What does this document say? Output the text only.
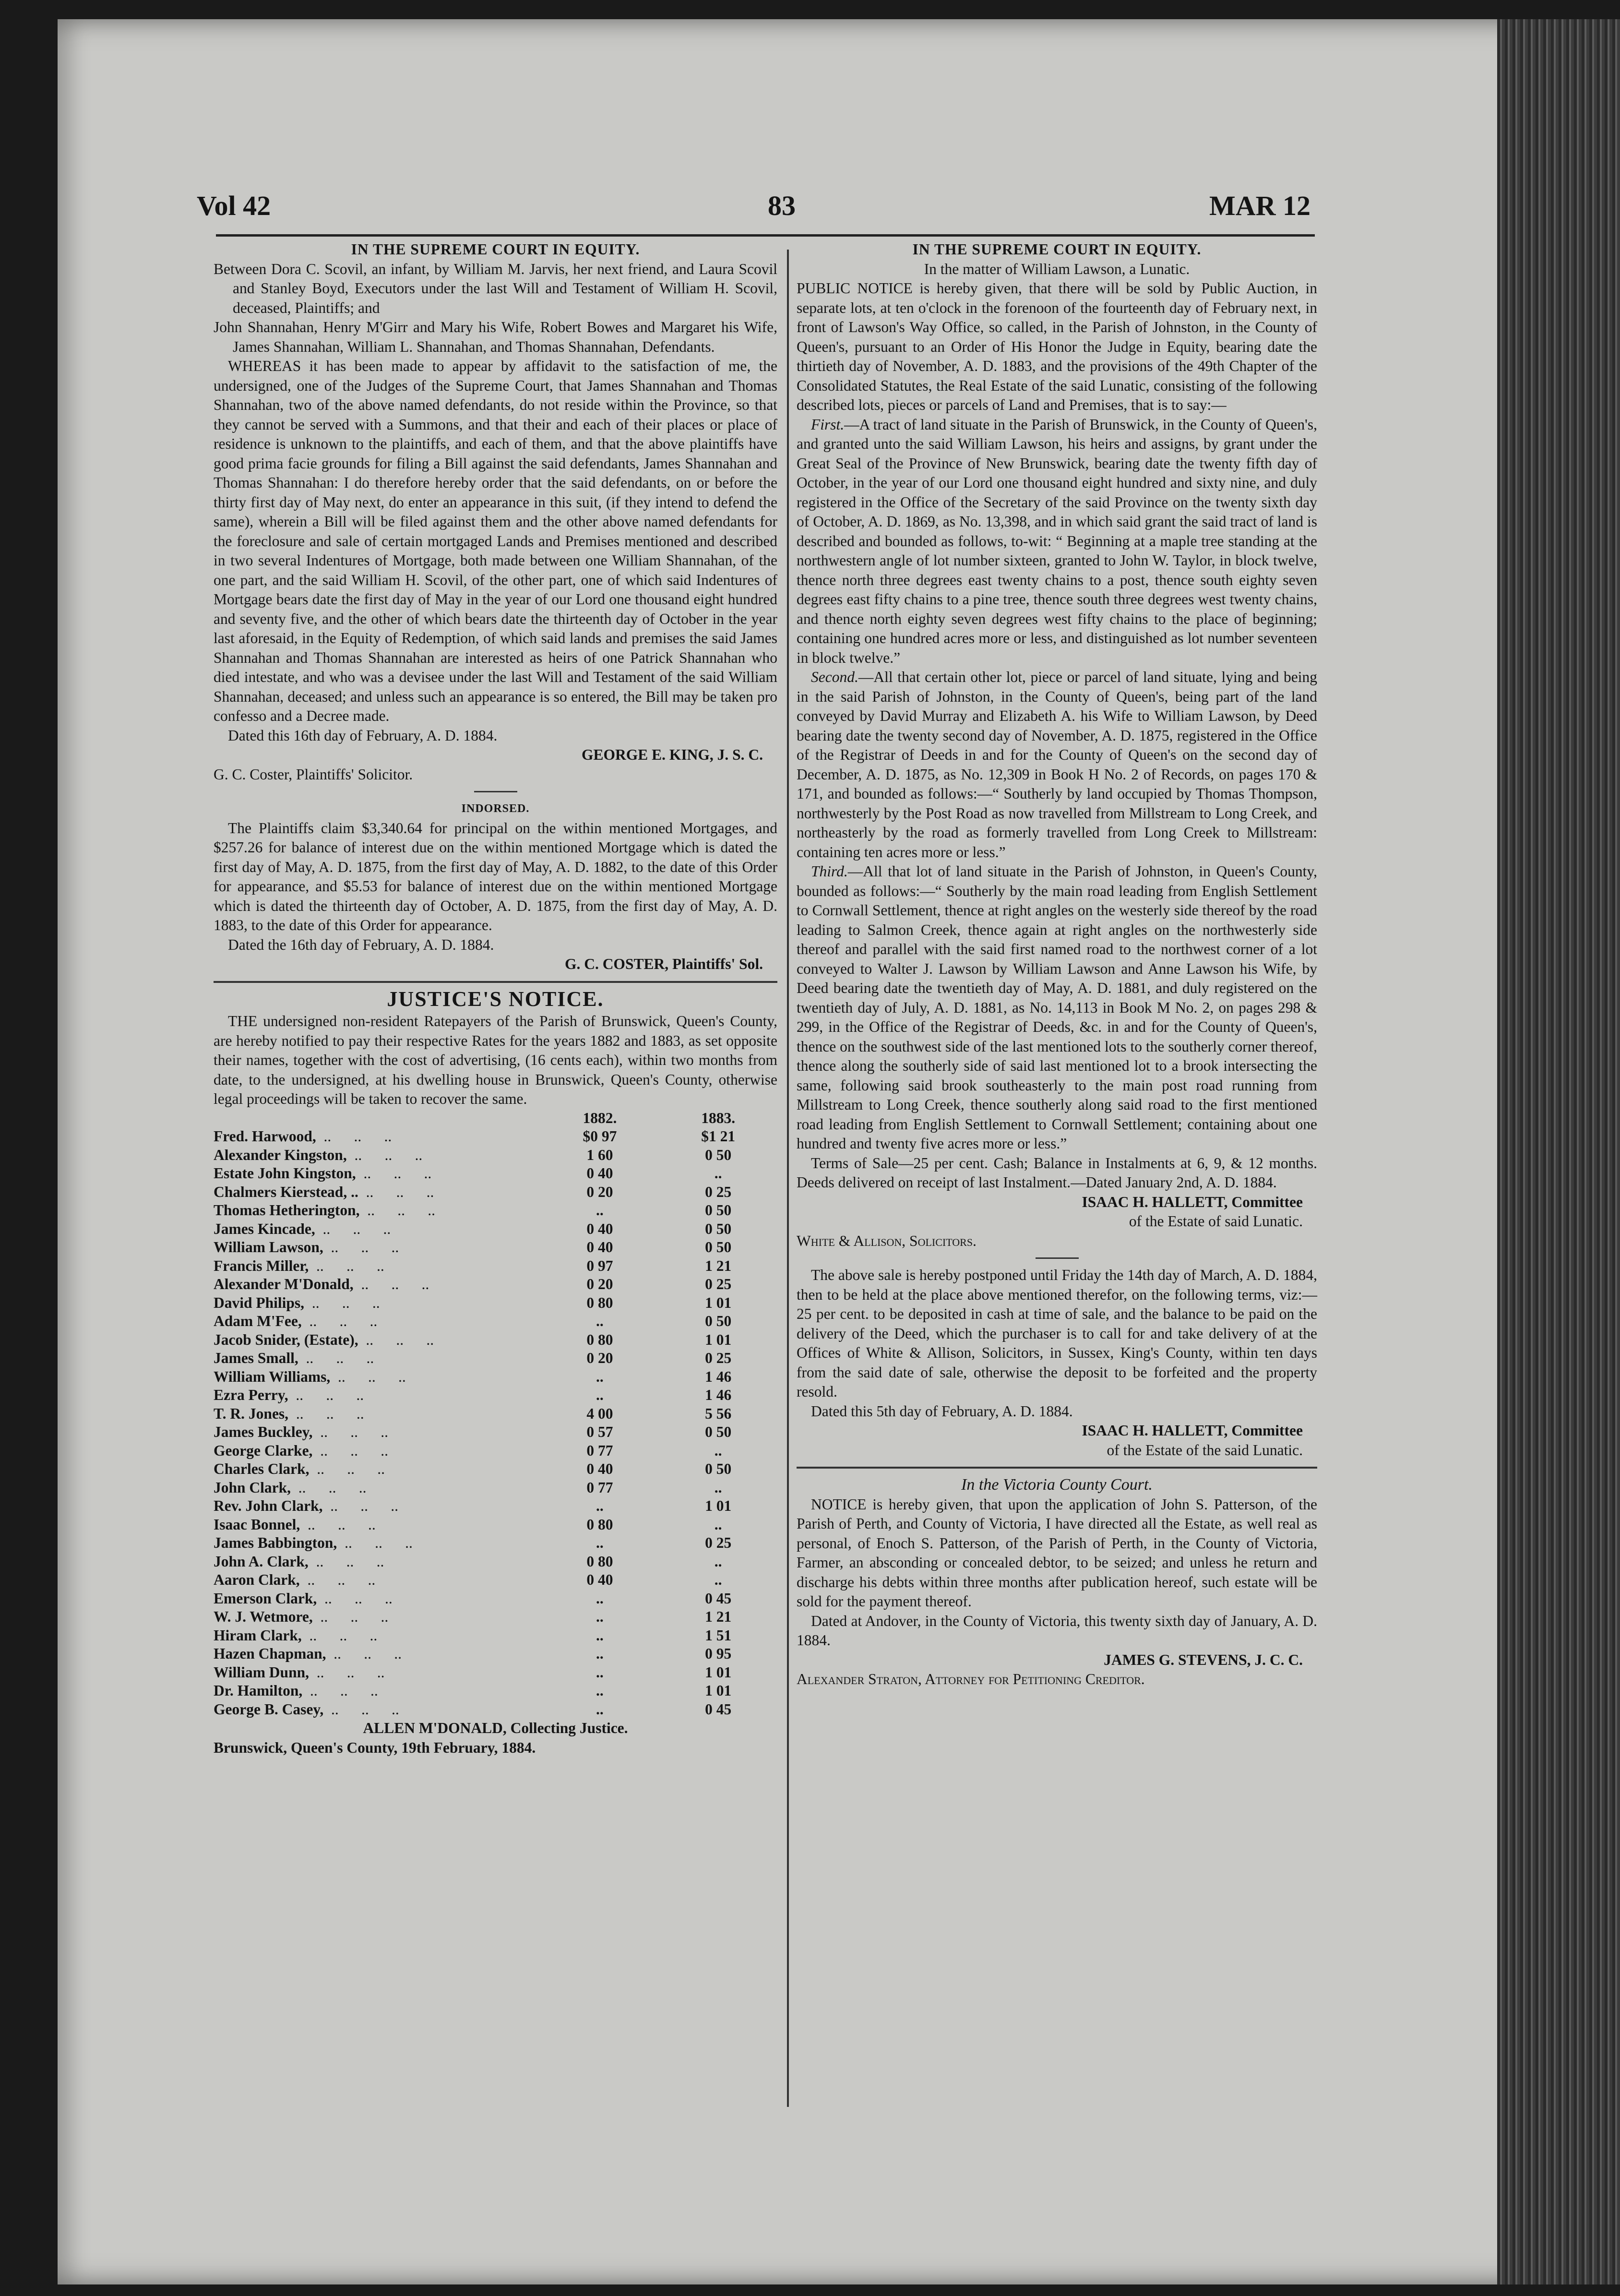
Vol 42	83	MAR 12
IN THE SUPREME COURT IN EQUITY.

Between Dora C. Scovil, an infant, by William M. Jarvis, her next friend, and Laura Scovil and Stanley Boyd, Executors under the last Will and Testament of William H. Scovil, deceased, Plaintiffs; and

John Shannahan, Henry M'Girr and Mary his Wife, Robert Bowes and Margaret his Wife, James Shannahan, William L. Shannahan, and Thomas Shannahan, Defendants.

WHEREAS it has been made to appear by affidavit to the satisfaction of me, the undersigned, one of the Judges of the Supreme Court, that James Shannahan and Thomas Shannahan, two of the above named defendants, do not reside within the Province, so that they cannot be served with a Summons, and that their and each of their places or place of residence is unknown to the plaintiffs, and each of them, and that the above plaintiffs have good prima facie grounds for filing a Bill against the said defendants, James Shannahan and Thomas Shannahan: I do therefore hereby order that the said defendants, on or before the thirty first day of May next, do enter an appearance in this suit, (if they intend to defend the same), wherein a Bill will be filed against them and the other above named defendants for the foreclosure and sale of certain mortgaged Lands and Premises mentioned and described in two several Indentures of Mortgage, both made between one William Shannahan, of the one part, and the said William H. Scovil, of the other part, one of which said Indentures of Mortgage bears date the first day of May in the year of our Lord one thousand eight hundred and seventy five, and the other of which bears date the thirteenth day of October in the year last aforesaid, in the Equity of Redemption, of which said lands and premises the said James Shannahan and Thomas Shannahan are interested as heirs of one Patrick Shannahan who died intestate, and who was a devisee under the last Will and Testament of the said William Shannahan, deceased; and unless such an appearance is so entered, the Bill may be taken pro confesso and a Decree made.

Dated this 16th day of February, A. D. 1884.

GEORGE E. KING, J. S. C.

G. C. Coster, Plaintiffs' Solicitor.

INDORSED.

The Plaintiffs claim $3,340.64 for principal on the within mentioned Mortgages, and $257.26 for balance of interest due on the within mentioned Mortgage which is dated the first day of May, A. D. 1875, from the first day of May, A. D. 1882, to the date of this Order for appearance, and $5.53 for balance of interest due on the within mentioned Mortgage which is dated the thirteenth day of October, A. D. 1875, from the first day of May, A. D. 1883, to the date of this Order for appearance.

Dated the 16th day of February, A. D. 1884.

G. C. COSTER, Plaintiffs' Sol.
JUSTICE'S NOTICE.

THE undersigned non-resident Ratepayers of the Parish of Brunswick, Queen's County, are hereby notified to pay their respective Rates for the years 1882 and 1883, as set opposite their names, together with the cost of advertising, (16 cents each), within two months from date, to the undersigned, at his dwelling house in Brunswick, Queen's County, otherwise legal proceedings will be taken to recover the same.

	1882.	1883.
Fred. Harwood, ..	$0 97	$1 21
Alexander Kingston, ..	1 60	0 50
Estate John Kingston, ..	0 40	..
Chalmers Kierstead, .. ..	0 20	0 25
Thomas Hetherington, ..	..	0 50
James Kincade, ..	0 40	0 50
William Lawson, ..	0 40	0 50
Francis Miller, ..	0 97	1 21
Alexander M'Donald, ..	0 20	0 25
David Philips, ..	0 80	1 01
Adam M'Fee, ..	..	0 50
Jacob Snider, (Estate), ..	0 80	1 01
James Small, ..	0 20	0 25
William Williams, ..	..	1 46
Ezra Perry, ..	..	1 46
T. R. Jones, ..	4 00	5 56
James Buckley, ..	0 57	0 50
George Clarke, ..	0 77	..
Charles Clark, ..	0 40	0 50
John Clark, ..	0 77	..
Rev. John Clark, ..	..	1 01
Isaac Bonnel, ..	0 80	..
James Babbington, ..	..	0 25
John A. Clark, ..	0 80	..
Aaron Clark, ..	0 40	..
Emerson Clark, ..	..	0 45
W. J. Wetmore, ..	..	1 21
Hiram Clark, ..	..	1 51
Hazen Chapman, ..	..	0 95
William Dunn, ..	..	1 01
Dr. Hamilton, ..	..	1 01
George B. Casey, ..	..	0 45
ALLEN M'DONALD, Collecting Justice.

Brunswick, Queen's County, 19th February, 1884.

IN THE SUPREME COURT IN EQUITY.
In the matter of William Lawson, a Lunatic.

PUBLIC NOTICE is hereby given, that there will be sold by Public Auction, in separate lots, at ten o'clock in the forenoon of the fourteenth day of February next, in front of Lawson's Way Office, so called, in the Parish of Johnston, in the County of Queen's, pursuant to an Order of His Honor the Judge in Equity, bearing date the thirtieth day of November, A. D. 1883, and the provisions of the 49th Chapter of the Consolidated Statutes, the Real Estate of the said Lunatic, consisting of the following described lots, pieces or parcels of Land and Premises, that is to say:—

First.—A tract of land situate in the Parish of Brunswick, in the County of Queen's, and granted unto the said William Lawson, his heirs and assigns, by grant under the Great Seal of the Province of New Brunswick, bearing date the twenty fifth day of October, in the year of our Lord one thousand eight hundred and sixty nine, and duly registered in the Office of the Secretary of the said Province on the twenty sixth day of October, A. D. 1869, as No. 13,398, and in which said grant the said tract of land is described and bounded as follows, to-wit: “ Beginning at a maple tree standing at the northwestern angle of lot number sixteen, granted to John W. Taylor, in block twelve, thence north three degrees east twenty chains to a post, thence south eighty seven degrees east fifty chains to a pine tree, thence south three degrees west twenty chains, and thence north eighty seven degrees west fifty chains to the place of beginning; containing one hundred acres more or less, and distinguished as lot number seventeen in block twelve.”

Second.—All that certain other lot, piece or parcel of land situate, lying and being in the said Parish of Johnston, in the County of Queen's, being part of the land conveyed by David Murray and Elizabeth A. his Wife to William Lawson, by Deed bearing date the twenty second day of November, A. D. 1875, registered in the Office of the Registrar of Deeds in and for the County of Queen's on the second day of December, A. D. 1875, as No. 12,309 in Book H No. 2 of Records, on pages 170 & 171, and bounded as follows:—“ Southerly by land occupied by Thomas Thompson, northwesterly by the Post Road as now travelled from Millstream to Long Creek, and northeasterly by the road as formerly travelled from Long Creek to Millstream: containing ten acres more or less.”

Third.—All that lot of land situate in the Parish of Johnston, in Queen's County, bounded as follows:—“ Southerly by the main road leading from English Settlement to Cornwall Settlement, thence at right angles on the westerly side thereof by the road leading to Salmon Creek, thence again at right angles on the northwesterly side thereof and parallel with the said first named road to the northwest corner of a lot conveyed to Walter J. Lawson by William Lawson and Anne Lawson his Wife, by Deed bearing date the twentieth day of May, A. D. 1881, and duly registered on the twentieth day of July, A. D. 1881, as No. 14,113 in Book M No. 2, on pages 298 & 299, in the Office of the Registrar of Deeds, &c. in and for the County of Queen's, thence on the southwest side of the last mentioned lots to the southerly corner thereof, thence along the southerly side of said last mentioned lot to a brook intersecting the same, following said brook southeasterly to the main post road running from Millstream to Long Creek, thence southerly along said road to the first mentioned road leading from English Settlement to Cornwall Settlement; containing about one hundred and twenty five acres more or less.”

Terms of Sale—25 per cent. Cash; Balance in Instalments at 6, 9, & 12 months. Deeds delivered on receipt of last Instalment.—Dated January 2nd, A. D. 1884.

ISAAC H. HALLETT, Committee
of the Estate of said Lunatic.

White & Allison, Solicitors.

The above sale is hereby postponed until Friday the 14th day of March, A. D. 1884, then to be held at the place above mentioned therefor, on the following terms, viz:—25 per cent. to be deposited in cash at time of sale, and the balance to be paid on the delivery of the Deed, which the purchaser is to call for and take delivery of at the Offices of White & Allison, Solicitors, in Sussex, King's County, within ten days from the said date of sale, otherwise the deposit to be forfeited and the property resold.

Dated this 5th day of February, A. D. 1884.

ISAAC H. HALLETT, Committee
of the Estate of the said Lunatic.
In the Victoria County Court.

NOTICE is hereby given, that upon the application of John S. Patterson, of the Parish of Perth, and County of Victoria, I have directed all the Estate, as well real as personal, of Enoch S. Patterson, of the Parish of Perth, in the County of Victoria, Farmer, an absconding or concealed debtor, to be seized; and unless he return and discharge his debts within three months after publication hereof, such estate will be sold for the payment thereof.

Dated at Andover, in the County of Victoria, this twenty sixth day of January, A. D. 1884.

JAMES G. STEVENS, J. C. C.

Alexander Straton, Attorney for Petitioning Creditor.
